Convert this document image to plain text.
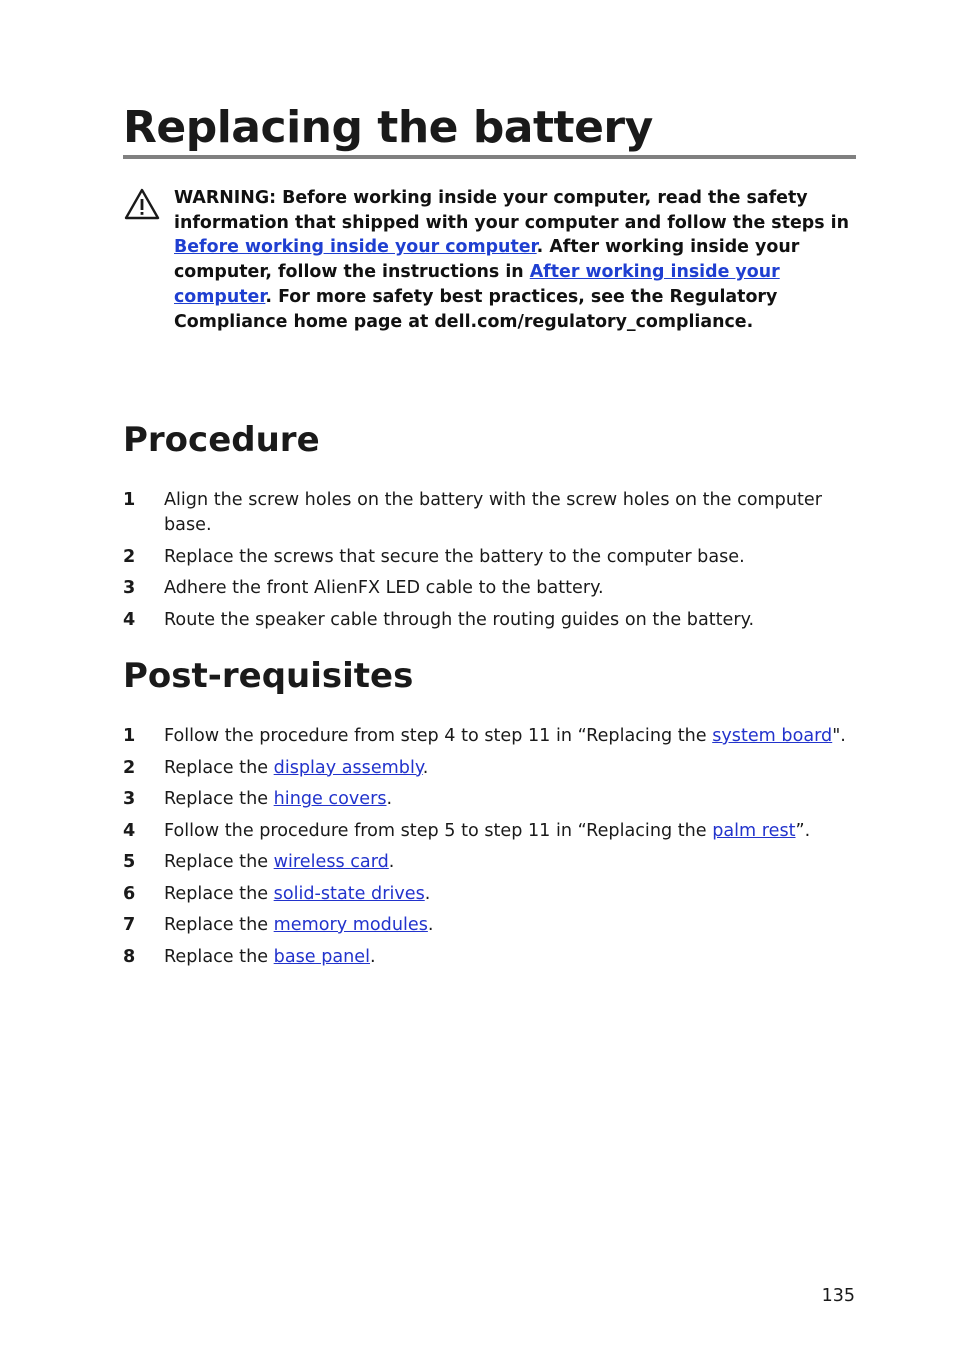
Replacing the battery
WARNING: Before working inside your computer, read the safety information that shipped with your computer and follow the steps in Before working inside your computer. After working inside your computer, follow the instructions in After working inside your computer. For more safety best practices, see the Regulatory Compliance home page at dell.com/regulatory_compliance.
Procedure
1 Align the screw holes on the battery with the screw holes on the computer base.
2 Replace the screws that secure the battery to the computer base.
3 Adhere the front AlienFX LED cable to the battery.
4 Route the speaker cable through the routing guides on the battery.
Post-requisites
1 Follow the procedure from step 4 to step 11 in “Replacing the system board".
2 Replace the display assembly.
3 Replace the hinge covers.
4 Follow the procedure from step 5 to step 11 in “Replacing the palm rest”.
5 Replace the wireless card.
6 Replace the solid-state drives.
7 Replace the memory modules.
8 Replace the base panel.
135
